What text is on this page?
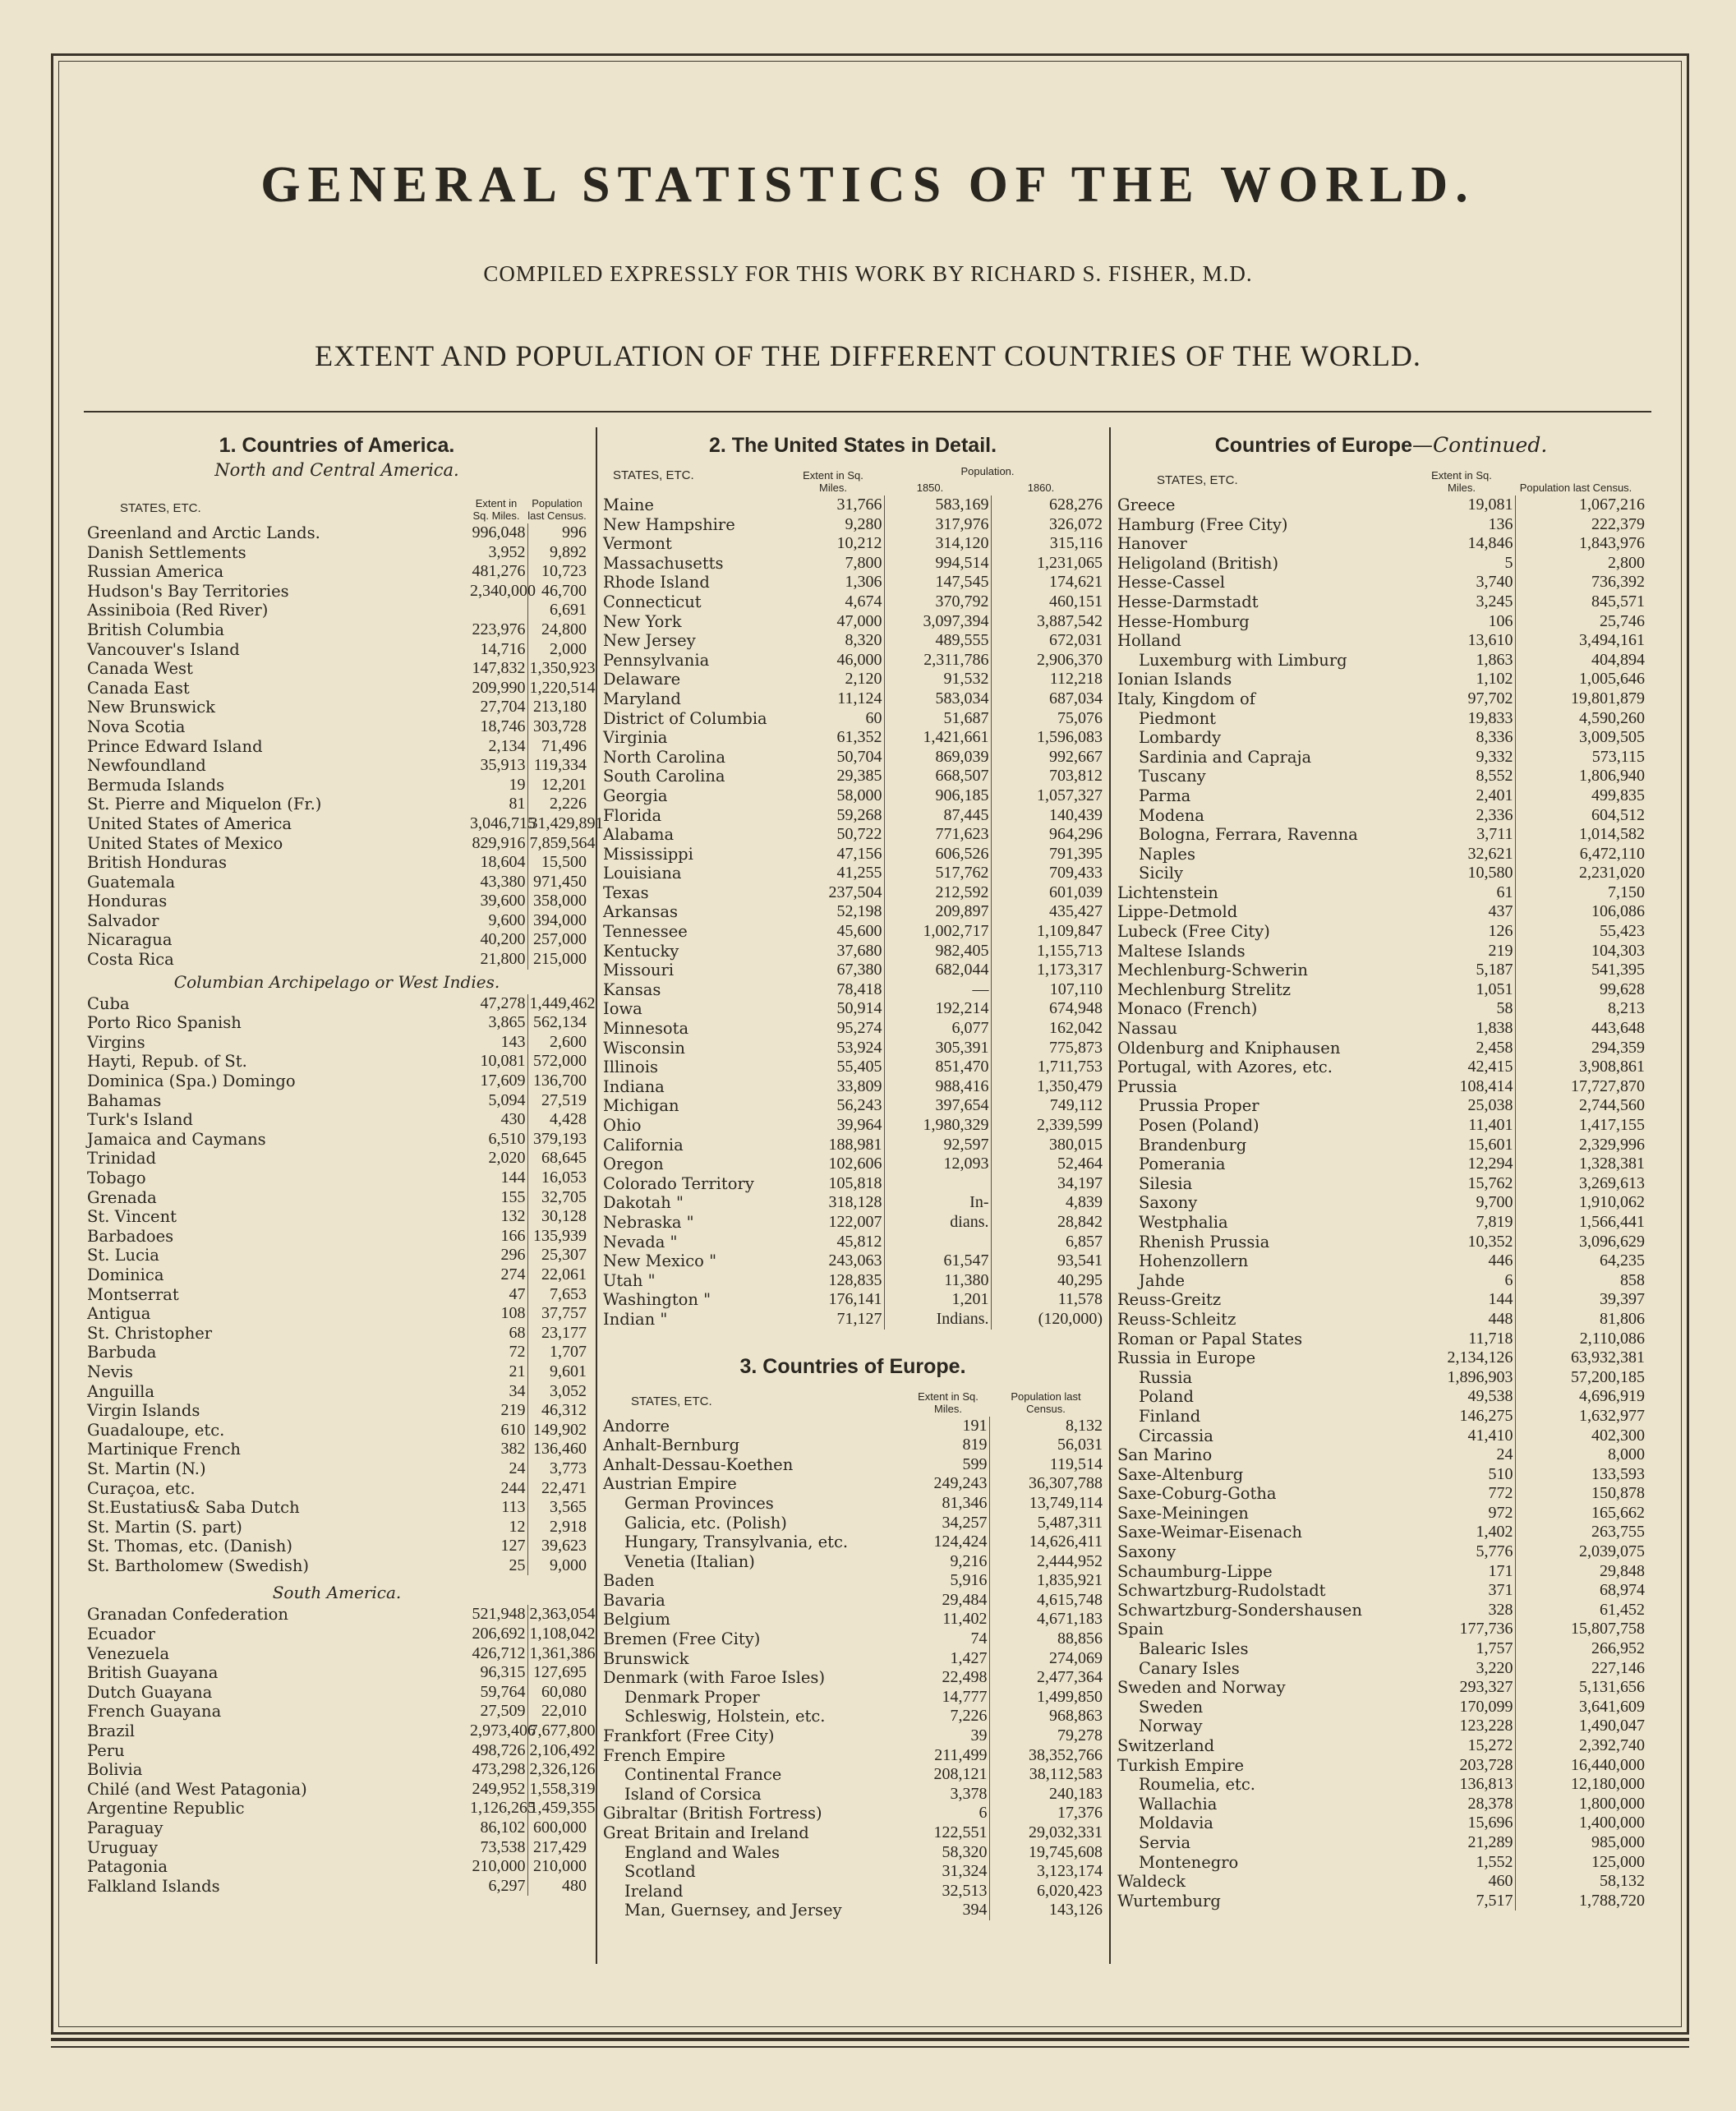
GENERAL STATISTICS OF THE WORLD.
COMPILED EXPRESSLY FOR THIS WORK BY RICHARD S. FISHER, M.D.
EXTENT AND POPULATION OF THE DIFFERENT COUNTRIES OF THE WORLD.
1. Countries of America.
North and Central America.
STATES, ETC.	Extent in Sq. Miles.
Population last Census.
Greenland and Arctic Lands.	996,048	996
Danish Settlements	3,952	9,892
Russian America	481,276	10,723
Hudson's Bay Territories	2,340,000	46,700
Assiniboia (Red River)		6,691
British Columbia	223,976	24,800
Vancouver's Island	14,716	2,000
Canada West	147,832	1,350,923
Canada East	209,990	1,220,514
New Brunswick	27,704	213,180
Nova Scotia	18,746	303,728
Prince Edward Island	2,134	71,496
Newfoundland	35,913	119,334
Bermuda Islands	19	12,201
St. Pierre and Miquelon (Fr.)	81	2,226
United States of America	3,046,715	31,429,891
United States of Mexico	829,916	7,859,564
British Honduras	18,604	15,500
Guatemala	43,380	971,450
Honduras	39,600	358,000
Salvador	9,600	394,000
Nicaragua	40,200	257,000
Costa Rica	21,800	215,000
Columbian Archipelago or West Indies.
Cuba	47,278	1,449,462
Porto Rico Spanish	3,865	562,134
Virgins	143	2,600
Hayti, Repub. of St.	10,081	572,000
Dominica (Spa.) Domingo	17,609	136,700
Bahamas	5,094	27,519
Turk's Island	430	4,428
Jamaica and Caymans	6,510	379,193
Trinidad	2,020	68,645
Tobago	144	16,053
Grenada	155	32,705
St. Vincent	132	30,128
Barbadoes	166	135,939
St. Lucia	296	25,307
Dominica	274	22,061
Montserrat	47	7,653
Antigua	108	37,757
St. Christopher	68	23,177
Barbuda	72	1,707
Nevis	21	9,601
Anguilla	34	3,052
Virgin Islands	219	46,312
Guadaloupe, etc.	610	149,902
Martinique French	382	136,460
St. Martin (N.)	24	3,773
Curaçoa, etc.	244	22,471
St.Eustatius& Saba Dutch	113	3,565
St. Martin (S. part)	12	2,918
St. Thomas, etc. (Danish)	127	39,623
St. Bartholomew (Swedish)	25	9,000
South America.
Granadan Confederation	521,948	2,363,054
Ecuador	206,692	1,108,042
Venezuela	426,712	1,361,386
British Guayana	96,315	127,695
Dutch Guayana	59,764	60,080
French Guayana	27,509	22,010
Brazil	2,973,406	7,677,800
Peru	498,726	2,106,492
Bolivia	473,298	2,326,126
Chilé (and West Patagonia)	249,952	1,558,319
Argentine Republic	1,126,265	1,459,355
Paraguay	86,102	600,000
Uruguay	73,538	217,429
Patagonia	210,000	210,000
Falkland Islands	6,297	480
2. The United States in Detail.
STATES, ETC.	Extent in Sq. Miles.
Population.
1850.	1860.
Maine	31,766	583,169	628,276
New Hampshire	9,280	317,976	326,072
Vermont	10,212	314,120	315,116
Massachusetts	7,800	994,514	1,231,065
Rhode Island	1,306	147,545	174,621
Connecticut	4,674	370,792	460,151
New York	47,000	3,097,394	3,887,542
New Jersey	8,320	489,555	672,031
Pennsylvania	46,000	2,311,786	2,906,370
Delaware	2,120	91,532	112,218
Maryland	11,124	583,034	687,034
District of Columbia	60	51,687	75,076
Virginia	61,352	1,421,661	1,596,083
North Carolina	50,704	869,039	992,667
South Carolina	29,385	668,507	703,812
Georgia	58,000	906,185	1,057,327
Florida	59,268	87,445	140,439
Alabama	50,722	771,623	964,296
Mississippi	47,156	606,526	791,395
Louisiana	41,255	517,762	709,433
Texas	237,504	212,592	601,039
Arkansas	52,198	209,897	435,427
Tennessee	45,600	1,002,717	1,109,847
Kentucky	37,680	982,405	1,155,713
Missouri	67,380	682,044	1,173,317
Kansas	78,418	—	107,110
Iowa	50,914	192,214	674,948
Minnesota	95,274	6,077	162,042
Wisconsin	53,924	305,391	775,873
Illinois	55,405	851,470	1,711,753
Indiana	33,809	988,416	1,350,479
Michigan	56,243	397,654	749,112
Ohio	39,964	1,980,329	2,339,599
California	188,981	92,597	380,015
Oregon	102,606	12,093	52,464
Colorado Territory	105,818		34,197
Dakotah "	318,128	In-	4,839
Nebraska "	122,007	dians.	28,842
Nevada "	45,812		6,857
New Mexico "	243,063	61,547	93,541
Utah "	128,835	11,380	40,295
Washington "	176,141	1,201	11,578
Indian "	71,127	Indians.	(120,000)
3. Countries of Europe.
STATES, ETC.	Extent in Sq. Miles.
Population last Census.
Andorre	191	8,132
Anhalt-Bernburg	819	56,031
Anhalt-Dessau-Koethen	599	119,514
Austrian Empire	249,243	36,307,788
German Provinces	81,346	13,749,114
Galicia, etc. (Polish)	34,257	5,487,311
Hungary, Transylvania, etc.	124,424	14,626,411
Venetia (Italian)	9,216	2,444,952
Baden	5,916	1,835,921
Bavaria	29,484	4,615,748
Belgium	11,402	4,671,183
Bremen (Free City)	74	88,856
Brunswick	1,427	274,069
Denmark (with Faroe Isles)	22,498	2,477,364
Denmark Proper	14,777	1,499,850
Schleswig, Holstein, etc.	7,226	968,863
Frankfort (Free City)	39	79,278
French Empire	211,499	38,352,766
Continental France	208,121	38,112,583
Island of Corsica	3,378	240,183
Gibraltar (British Fortress)	6	17,376
Great Britain and Ireland	122,551	29,032,331
England and Wales	58,320	19,745,608
Scotland	31,324	3,123,174
Ireland	32,513	6,020,423
Man, Guernsey, and Jersey	394	143,126
Countries of Europe—Continued.
STATES, ETC.	Extent in Sq. Miles.	Population last Census.
Greece	19,081	1,067,216
Hamburg (Free City)	136	222,379
Hanover	14,846	1,843,976
Heligoland (British)	5	2,800
Hesse-Cassel	3,740	736,392
Hesse-Darmstadt	3,245	845,571
Hesse-Homburg	106	25,746
Holland	13,610	3,494,161
Luxemburg with Limburg	1,863	404,894
Ionian Islands	1,102	1,005,646
Italy, Kingdom of	97,702	19,801,879
Piedmont	19,833	4,590,260
Lombardy	8,336	3,009,505
Sardinia and Capraja	9,332	573,115
Tuscany	8,552	1,806,940
Parma	2,401	499,835
Modena	2,336	604,512
Bologna, Ferrara, Ravenna	3,711	1,014,582
Naples	32,621	6,472,110
Sicily	10,580	2,231,020
Lichtenstein	61	7,150
Lippe-Detmold	437	106,086
Lubeck (Free City)	126	55,423
Maltese Islands	219	104,303
Mechlenburg-Schwerin	5,187	541,395
Mechlenburg Strelitz	1,051	99,628
Monaco (French)	58	8,213
Nassau	1,838	443,648
Oldenburg and Kniphausen	2,458	294,359
Portugal, with Azores, etc.	42,415	3,908,861
Prussia	108,414	17,727,870
Prussia Proper	25,038	2,744,560
Posen (Poland)	11,401	1,417,155
Brandenburg	15,601	2,329,996
Pomerania	12,294	1,328,381
Silesia	15,762	3,269,613
Saxony	9,700	1,910,062
Westphalia	7,819	1,566,441
Rhenish Prussia	10,352	3,096,629
Hohenzollern	446	64,235
Jahde	6	858
Reuss-Greitz	144	39,397
Reuss-Schleitz	448	81,806
Roman or Papal States	11,718	2,110,086
Russia in Europe	2,134,126	63,932,381
Russia	1,896,903	57,200,185
Poland	49,538	4,696,919
Finland	146,275	1,632,977
Circassia	41,410	402,300
San Marino	24	8,000
Saxe-Altenburg	510	133,593
Saxe-Coburg-Gotha	772	150,878
Saxe-Meiningen	972	165,662
Saxe-Weimar-Eisenach	1,402	263,755
Saxony	5,776	2,039,075
Schaumburg-Lippe	171	29,848
Schwartzburg-Rudolstadt	371	68,974
Schwartzburg-Sondershausen	328	61,452
Spain	177,736	15,807,758
Balearic Isles	1,757	266,952
Canary Isles	3,220	227,146
Sweden and Norway	293,327	5,131,656
Sweden	170,099	3,641,609
Norway	123,228	1,490,047
Switzerland	15,272	2,392,740
Turkish Empire	203,728	16,440,000
Roumelia, etc.	136,813	12,180,000
Wallachia	28,378	1,800,000
Moldavia	15,696	1,400,000
Servia	21,289	985,000
Montenegro	1,552	125,000
Waldeck	460	58,132
Wurtemburg	7,517	1,788,720
